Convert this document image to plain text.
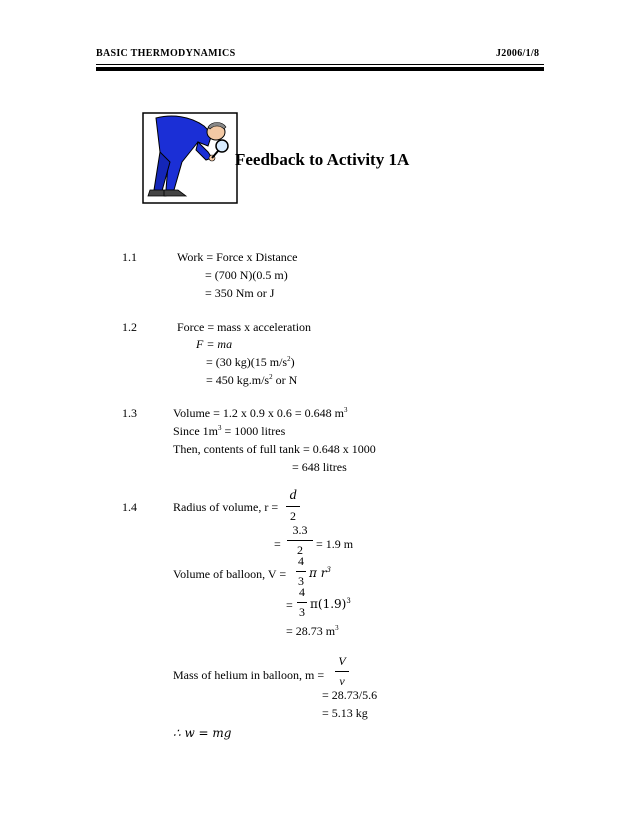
BASIC THERMODYNAMICS	J2006/1/8
Feedback to Activity 1A
1.1	Work = Force x Distance
= (700 N)(0.5 m)
= 350 Nm or J
1.2	Force = mass x acceleration
F = ma
= (30 kg)(15 $m/s^2$)
= 450 $kg.m/s^2$ or N
1.3	Volume = 1.2 x 0.9 x 0.6 = 0.648 $m^3$
Since $1m^3 = 1000$ litres
Then, contents of full tank = 0.648 x 1000
= 648 litres
1.4	Radius of volume, r =
d
2
=
3.3
2	= 1.9 m
Volume of balloon, V =
4
3
π $r^3$
=
4
3
$\pi(1.9)^3$
= 28.73 $m^3$
Mass of helium in balloon, m =
V
v
= 28.73/5.6
= 5.13 kg
∴ w = mg
